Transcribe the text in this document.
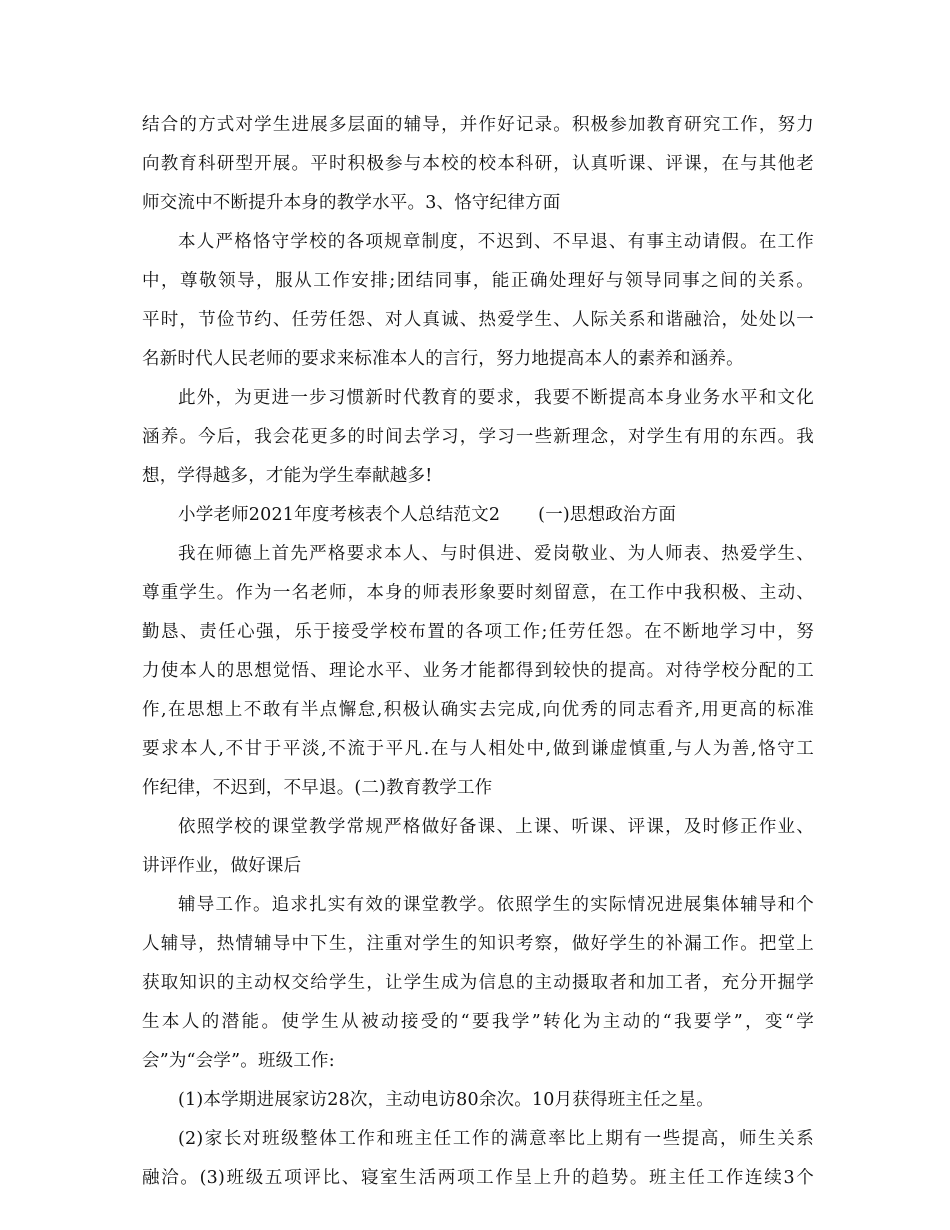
结合的方式对学生进展多层面的辅导，并作好记录。积极参加教育研究工作，努力
向教育科研型开展。平时积极参与本校的校本科研，认真听课、评课，在与其他老
师交流中不断提升本身的教学水平。3、恪守纪律方面
本人严格恪守学校的各项规章制度，不迟到、不早退、有事主动请假。在工作
中，尊敬领导，服从工作安排;团结同事，能正确处理好与领导同事之间的关系。
平时，节俭节约、任劳任怨、对人真诚、热爱学生、人际关系和谐融洽，处处以一
名新时代人民老师的要求来标准本人的言行，努力地提高本人的素养和涵养。
此外，为更进一步习惯新时代教育的要求，我要不断提高本身业务水平和文化
涵养。今后，我会花更多的时间去学习，学习一些新理念，对学生有用的东西。我
想，学得越多，才能为学生奉献越多!
小学老师2021年度考核表个人总结范文2 (一)思想政治方面
我在师德上首先严格要求本人、与时俱进、爱岗敬业、为人师表、热爱学生、
尊重学生。作为一名老师，本身的师表形象要时刻留意，在工作中我积极、主动、
勤恳、责任心强，乐于接受学校布置的各项工作;任劳任怨。在不断地学习中，努
力使本人的思想觉悟、理论水平、业务才能都得到较快的提高。对待学校分配的工
作,在思想上不敢有半点懈怠,积极认确实去完成,向优秀的同志看齐,用更高的标准
要求本人,不甘于平淡,不流于平凡.在与人相处中,做到谦虚慎重,与人为善,恪守工
作纪律，不迟到，不早退。(二)教育教学工作
依照学校的课堂教学常规严格做好备课、上课、听课、评课，及时修正作业、
讲评作业，做好课后
辅导工作。追求扎实有效的课堂教学。依照学生的实际情况进展集体辅导和个
人辅导，热情辅导中下生，注重对学生的知识考察，做好学生的补漏工作。把堂上
获取知识的主动权交给学生，让学生成为信息的主动摄取者和加工者，充分开掘学
生本人的潜能。使学生从被动接受的“要我学”转化为主动的“我要学”，变“学
会”为“会学”。班级工作:
(1)本学期进展家访28次，主动电访80余次。10月获得班主任之星。
(2)家长对班级整体工作和班主任工作的满意率比上期有一些提高，师生关系
融洽。(3)班级五项评比、寝室生活两项工作呈上升的趋势。班主任工作连续3个
